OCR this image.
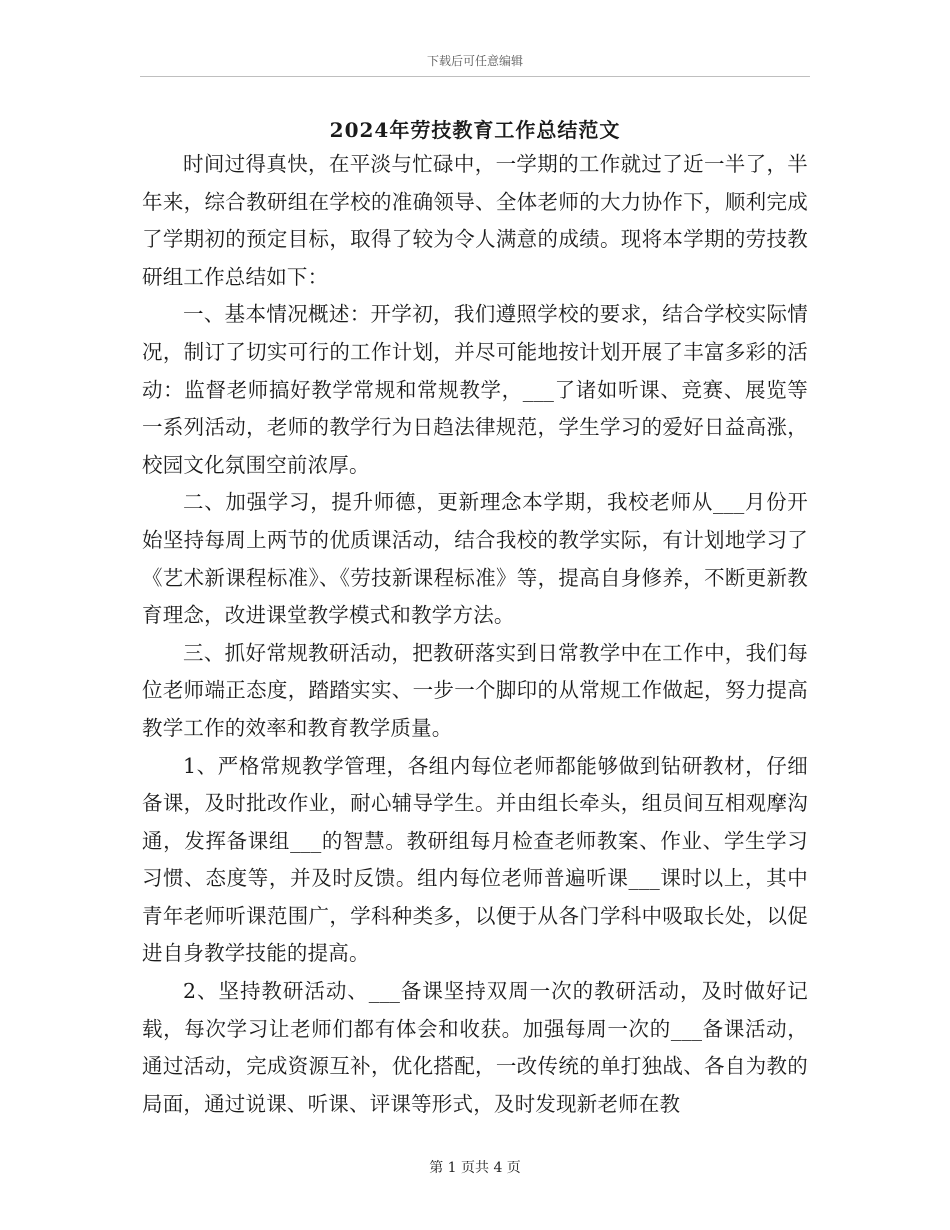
下载后可任意编辑
2024年劳技教育工作总结范文

时间过得真快，在平淡与忙碌中，一学期的工作就过了近一半了，半年来，综合教研组在学校的准确领导、全体老师的大力协作下，顺利完成了学期初的预定目标，取得了较为令人满意的成绩。现将本学期的劳技教研组工作总结如下：

一、基本情况概述：开学初，我们遵照学校的要求，结合学校实际情况，制订了切实可行的工作计划，并尽可能地按计划开展了丰富多彩的活动：监督老师搞好教学常规和常规教学，___了诸如听课、竞赛、展览等一系列活动，老师的教学行为日趋法律规范，学生学习的爱好日益高涨，校园文化氛围空前浓厚。

二、加强学习，提升师德，更新理念本学期，我校老师从___月份开始坚持每周上两节的优质课活动，结合我校的教学实际，有计划地学习了《艺术新课程标准》、《劳技新课程标准》等，提高自身修养，不断更新教育理念，改进课堂教学模式和教学方法。

三、抓好常规教研活动，把教研落实到日常教学中在工作中，我们每位老师端正态度，踏踏实实、一步一个脚印的从常规工作做起，努力提高教学工作的效率和教育教学质量。

1、严格常规教学管理，各组内每位老师都能够做到钻研教材，仔细备课，及时批改作业，耐心辅导学生。并由组长牵头，组员间互相观摩沟通，发挥备课组___的智慧。教研组每月检查老师教案、作业、学生学习习惯、态度等，并及时反馈。组内每位老师普遍听课___课时以上，其中青年老师听课范围广，学科种类多，以便于从各门学科中吸取长处，以促进自身教学技能的提高。

2、坚持教研活动、___备课坚持双周一次的教研活动，及时做好记载，每次学习让老师们都有体会和收获。加强每周一次的___备课活动，通过活动，完成资源互补，优化搭配，一改传统的单打独战、各自为教的局面，通过说课、听课、评课等形式，及时发现新老师在教

第 1 页共 4 页
